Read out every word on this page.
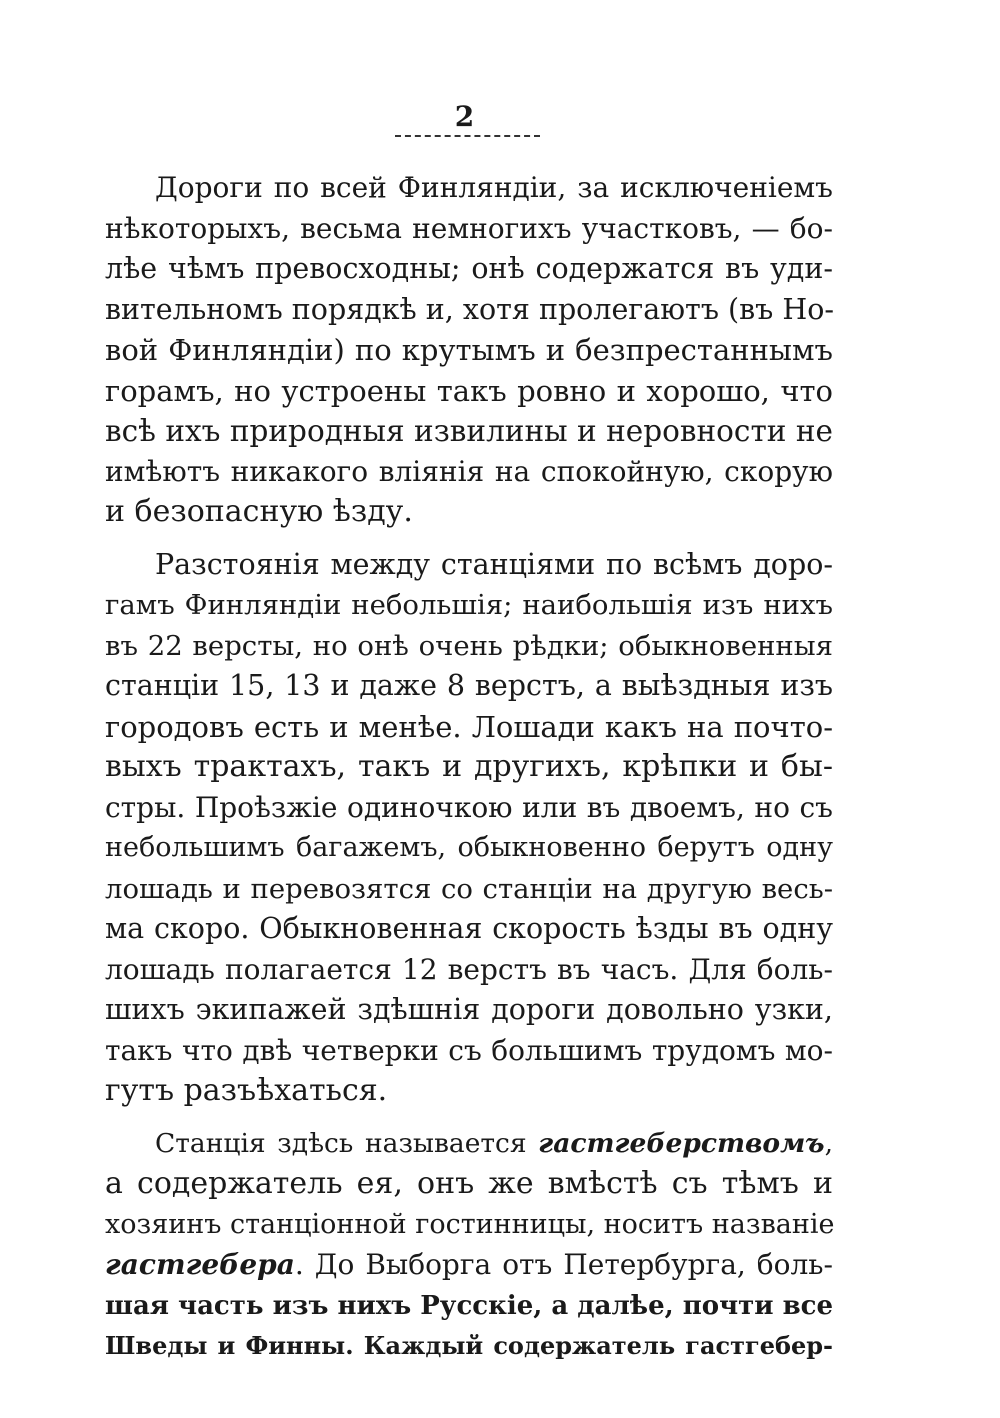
2
Дороги по всей Финляндіи, за исключеніемъ
нѣкоторыхъ, весьма немногихъ участковъ, — бо-
лѣе чѣмъ превосходны; онѣ содержатся въ уди-
вительномъ порядкѣ и, хотя пролегаютъ (въ Но-
вой Финляндіи) по крутымъ и безпрестаннымъ
горамъ, но устроены такъ ровно и хорошо, что
всѣ ихъ природныя извилины и неровности не
имѣютъ никакого вліянія на спокойную, скорую
и безопасную ѣзду.
Разстоянія между станціями по всѣмъ доро-
гамъ Финляндіи небольшія; наибольшія изъ нихъ
въ 22 версты, но онѣ очень рѣдки; обыкновенныя
станціи 15, 13 и даже 8 верстъ, а выѣздныя изъ
городовъ есть и менѣе. Лошади какъ на почто-
выхъ трактахъ, такъ и другихъ, крѣпки и бы-
стры. Проѣзжіе одиночкою или въ двоемъ, но съ
небольшимъ багажемъ, обыкновенно берутъ одну
лошадь и перевозятся со станціи на другую весь-
ма скоро. Обыкновенная скорость ѣзды въ одну
лошадь полагается 12 верстъ въ часъ. Для боль-
шихъ экипажей здѣшнія дороги довольно узки,
такъ что двѣ четверки съ большимъ трудомъ мо-
гутъ разъѣхаться.
Станція здѣсь называется гастгеберствомъ,
а содержатель ея, онъ же вмѣстѣ съ тѣмъ и
хозяинъ станціонной гостинницы, носитъ названіе
гастгебера. До Выборга отъ Петербурга, боль-
шая часть изъ нихъ Русскіе, а далѣе, почти все
Шведы и Финны. Каждый содержатель гастгебер-
